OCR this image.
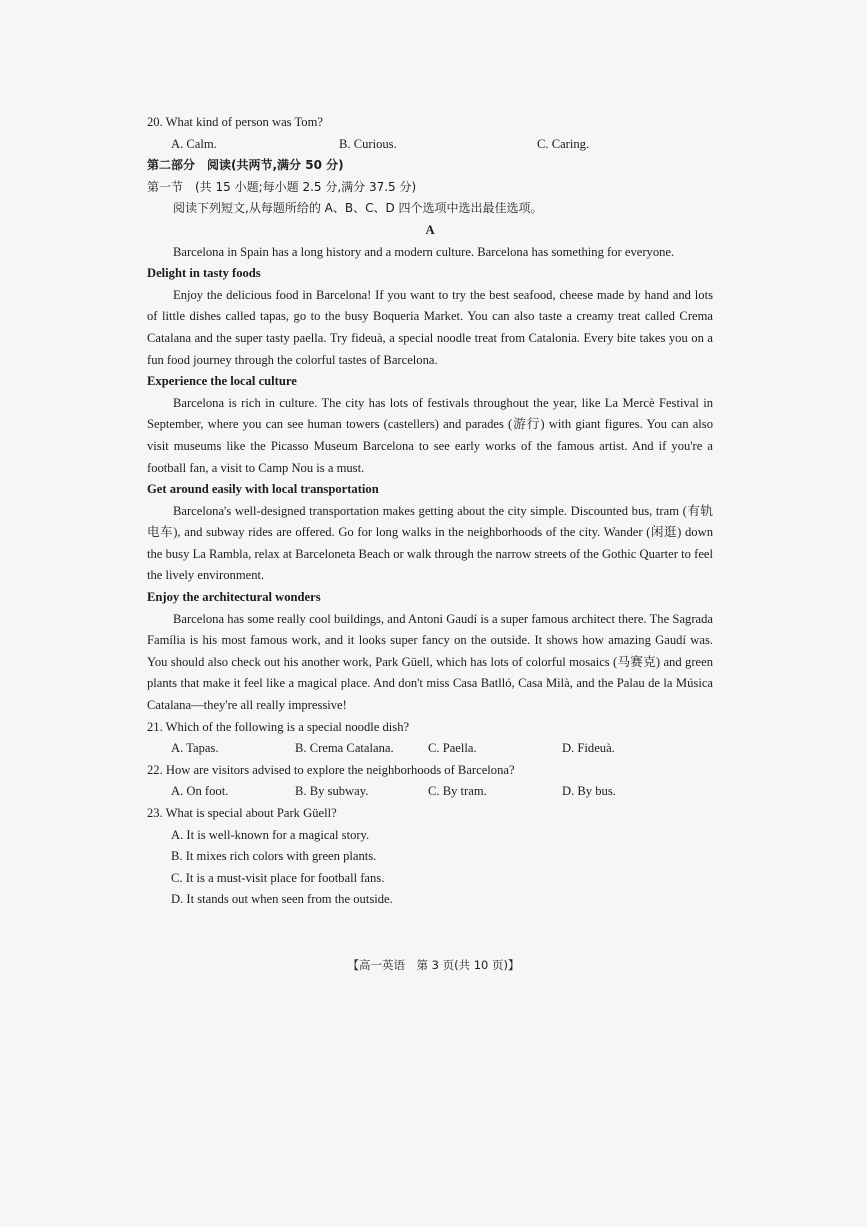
20. What kind of person was Tom?

A. Calm.	B. Curious.	C. Caring.

第二部分　阅读(共两节,满分 50 分)

第一节　(共 15 小题;每小题 2.5 分,满分 37.5 分)

阅读下列短文,从每题所给的 A、B、C、D 四个选项中选出最佳选项。

A

Barcelona in Spain has a long history and a modern culture. Barcelona has something for everyone.

Delight in tasty foods

Enjoy the delicious food in Barcelona! If you want to try the best seafood, cheese made by hand and lots of little dishes called tapas, go to the busy Boqueria Market. You can also taste a creamy treat called Crema Catalana and the super tasty paella. Try fideuà, a special noodle treat from Catalonia. Every bite takes you on a fun food journey through the colorful tastes of Barcelona.

Experience the local culture

Barcelona is rich in culture. The city has lots of festivals throughout the year, like La Mercè Festival in September, where you can see human towers (castellers) and parades (游行) with giant figures. You can also visit museums like the Picasso Museum Barcelona to see early works of the famous artist. And if you're a football fan, a visit to Camp Nou is a must.

Get around easily with local transportation

Barcelona's well-designed transportation makes getting about the city simple. Discounted bus, tram (有轨电车), and subway rides are offered. Go for long walks in the neighborhoods of the city. Wander (闲逛) down the busy La Rambla, relax at Barceloneta Beach or walk through the narrow streets of the Gothic Quarter to feel the lively environment.

Enjoy the architectural wonders

Barcelona has some really cool buildings, and Antoni Gaudí is a super famous architect there. The Sagrada Família is his most famous work, and it looks super fancy on the outside. It shows how amazing Gaudí was. You should also check out his another work, Park Güell, which has lots of colorful mosaics (马赛克) and green plants that make it feel like a magical place. And don't miss Casa Batlló, Casa Milà, and the Palau de la Música Catalana—they're all really impressive!

21. Which of the following is a special noodle dish?

A. Tapas.	B. Crema Catalana.	C. Paella.	D. Fideuà.

22. How are visitors advised to explore the neighborhoods of Barcelona?

A. On foot.	B. By subway.	C. By tram.	D. By bus.

23. What is special about Park Güell?

A. It is well-known for a magical story.

B. It mixes rich colors with green plants.

C. It is a must-visit place for football fans.

D. It stands out when seen from the outside.

【高一英语　第 3 页(共 10 页)】
